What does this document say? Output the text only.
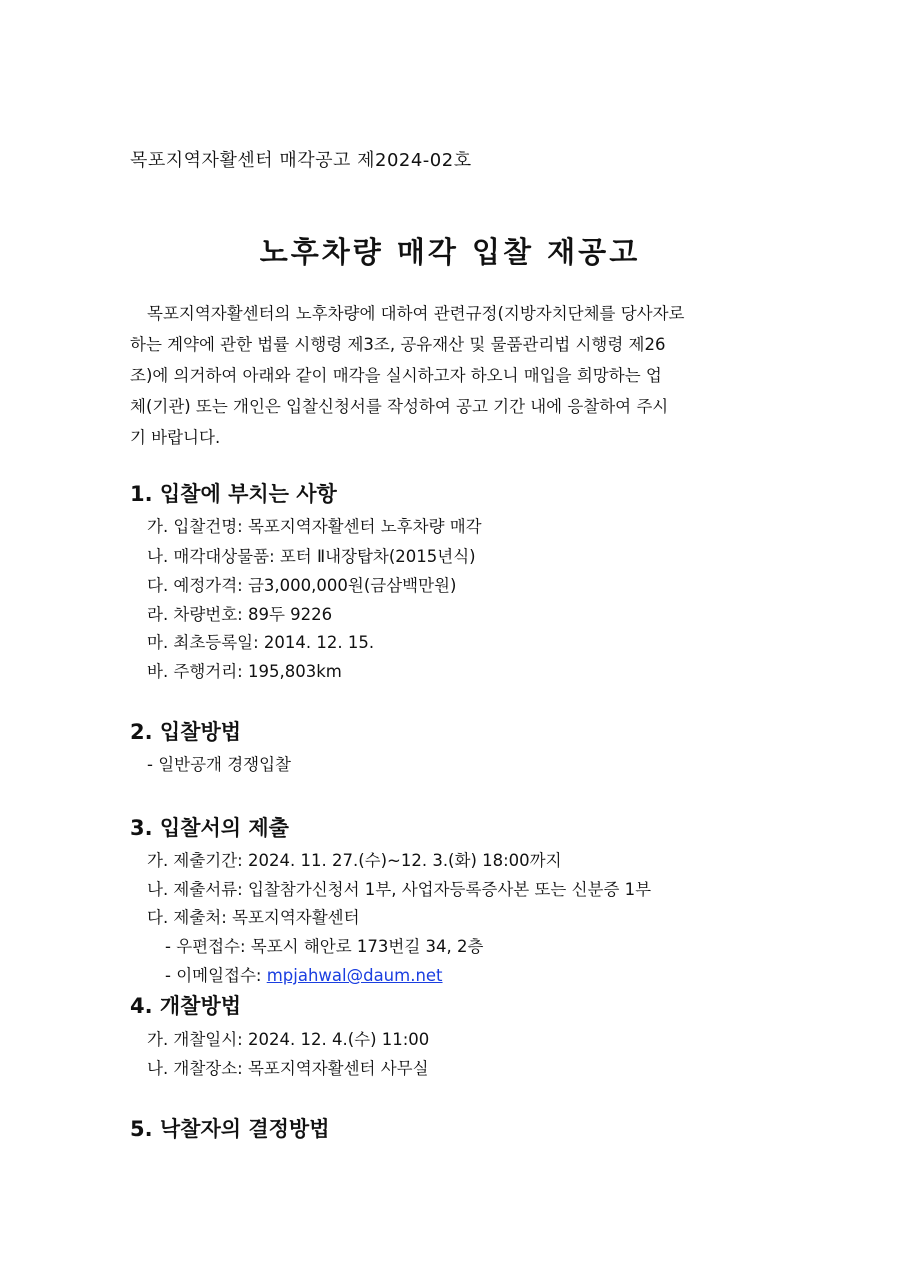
목포지역자활센터 매각공고 제2024-02호
노후차량 매각 입찰 재공고
목포지역자활센터의 노후차량에 대하여 관련규정(지방자치단체를 당사자로
하는 계약에 관한 법률 시행령 제3조, 공유재산 및 물품관리법 시행령 제26
조)에 의거하여 아래와 같이 매각을 실시하고자 하오니 매입을 희망하는 업
체(기관) 또는 개인은 입찰신청서를 작성하여 공고 기간 내에 응찰하여 주시
기 바랍니다.
1. 입찰에 부치는 사항
가. 입찰건명: 목포지역자활센터 노후차량 매각
나. 매각대상물품: 포터 Ⅱ내장탑차(2015년식)
다. 예정가격: 금3,000,000원(금삼백만원)
라. 차량번호: 89두 9226
마. 최초등록일: 2014. 12. 15.
바. 주행거리: 195,803km
2. 입찰방법
- 일반공개 경쟁입찰
3. 입찰서의 제출
가. 제출기간: 2024. 11. 27.(수)~12. 3.(화) 18:00까지
나. 제출서류: 입찰참가신청서 1부, 사업자등록증사본 또는 신분증 1부
다. 제출처: 목포지역자활센터
- 우편접수: 목포시 해안로 173번길 34, 2층
- 이메일접수: mpjahwal@daum.net
4. 개찰방법
가. 개찰일시: 2024. 12. 4.(수) 11:00
나. 개찰장소: 목포지역자활센터 사무실
5. 낙찰자의 결정방법
